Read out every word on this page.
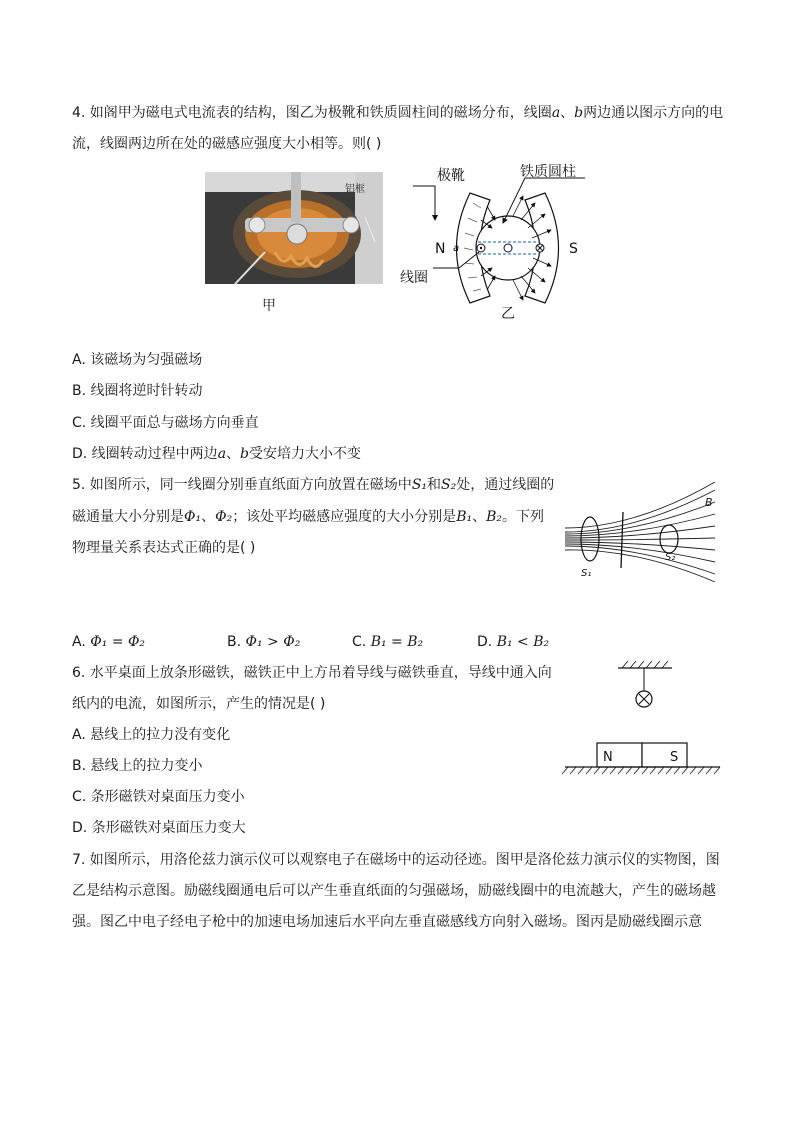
4. 如阁甲为磁电式电流表的结构，图乙为极靴和铁质圆柱间的磁场分布，线圈a、b两边通以图示方向的电
流，线圈两边所在处的磁感应强度大小相等。则( )
铝框
甲
极靴	铁质圆柱
线圈
N a	S
乙
A. 该磁场为匀强磁场
B. 线圈将逆时针转动
C. 线圈平面总与磁场方向垂直
D. 线圈转动过程中两边a、b受安培力大小不变
5. 如图所示，同一线圈分别垂直纸面方向放置在磁场中S₁和S₂处，通过线圈的
磁通量大小分别是Φ₁、Φ₂；该处平均磁感应强度的大小分别是B₁、B₂。下列
物理量关系表达式正确的是( )
B
S₁
S₂
A. Φ₁ = Φ₂	B. Φ₁ > Φ₂	C. B₁ = B₂	D. B₁ < B₂
6. 水平桌面上放条形磁铁，磁铁正中上方吊着导线与磁铁垂直，导线中通入向
纸内的电流，如图所示，产生的情况是( )
A. 悬线上的拉力没有变化
B. 悬线上的拉力变小
C. 条形磁铁对桌面压力变小
D. 条形磁铁对桌面压力变大
N	S
7. 如图所示，用洛伦兹力演示仪可以观察电子在磁场中的运动径迹。图甲是洛伦兹力演示仪的实物图，图
乙是结构示意图。励磁线圈通电后可以产生垂直纸面的匀强磁场，励磁线圈中的电流越大，产生的磁场越
强。图乙中电子经电子枪中的加速电场加速后水平向左垂直磁感线方向射入磁场。图丙是励磁线圈示意
